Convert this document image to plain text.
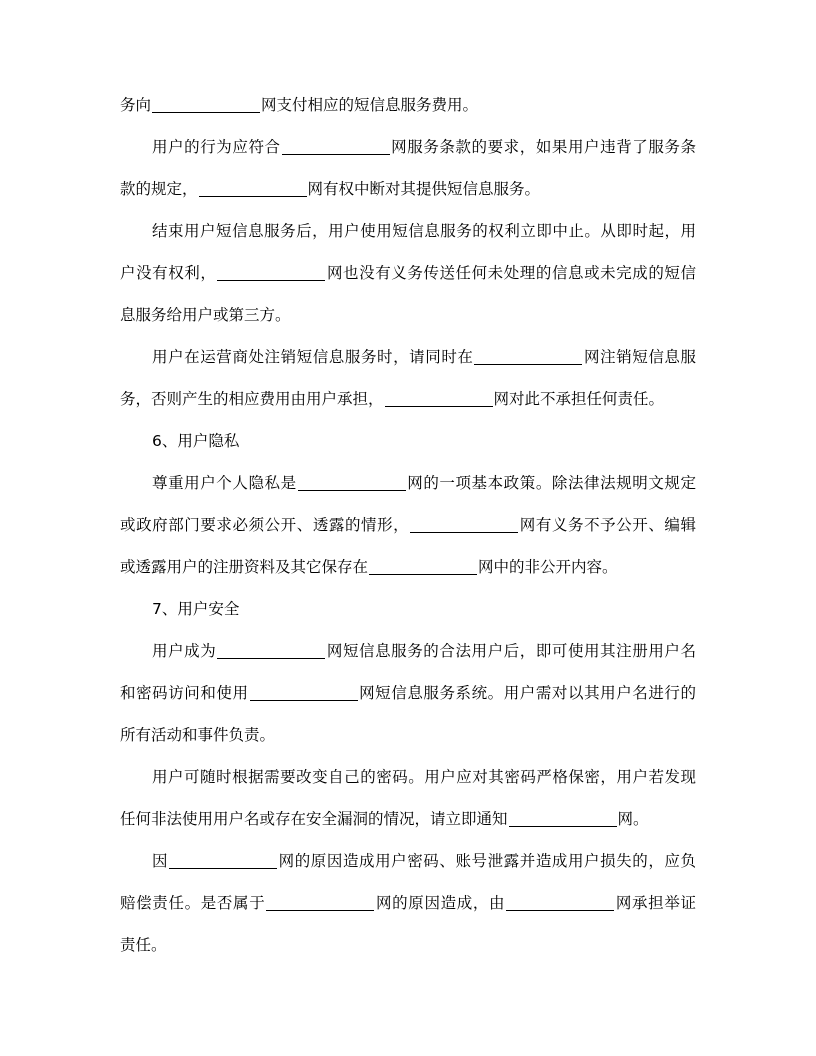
务向	网支付相应的短信息服务费用。
用户的行为应符合	网服务条款的要求，如果用户违背了服务条
款的规定，	网有权中断对其提供短信息服务。
结束用户短信息服务后，用户使用短信息服务的权利立即中止。从即时起，用
户没有权利，	网也没有义务传送任何未处理的信息或未完成的短信
息服务给用户或第三方。
用户在运营商处注销短信息服务时，请同时在	网注销短信息服
务，否则产生的相应费用由用户承担，	网对此不承担任何责任。
6、用户隐私
尊重用户个人隐私是	网的一项基本政策。除法律法规明文规定
或政府部门要求必须公开、透露的情形，	网有义务不予公开、编辑
或透露用户的注册资料及其它保存在	网中的非公开内容。
7、用户安全
用户成为	网短信息服务的合法用户后，即可使用其注册用户名
和密码访问和使用	网短信息服务系统。用户需对以其用户名进行的
所有活动和事件负责。
用户可随时根据需要改变自己的密码。用户应对其密码严格保密，用户若发现
任何非法使用用户名或存在安全漏洞的情况，请立即通知	网。
因	网的原因造成用户密码、账号泄露并造成用户损失的，应负
赔偿责任。是否属于	网的原因造成，由	网承担举证
责任。
